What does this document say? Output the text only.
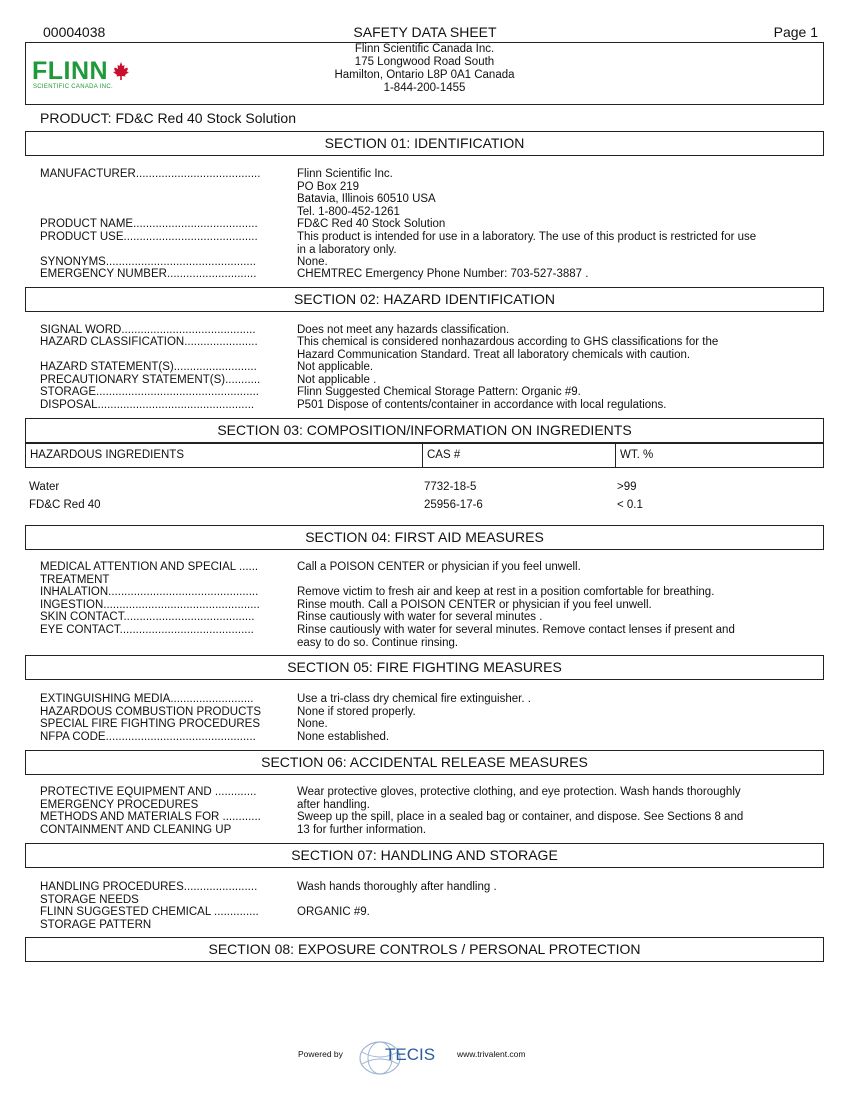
00004038	SAFETY DATA SHEET	Page 1
FLINN
SCIENTIFIC CANADA INC.
Flinn Scientific Canada Inc.
175 Longwood Road South
Hamilton, Ontario L8P 0A1 Canada
1-844-200-1455
PRODUCT: FD&C Red 40 Stock Solution
SECTION 01: IDENTIFICATION
MANUFACTURER.......................................	Flinn Scientific Inc.
PO Box 219
Batavia, Illinois 60510 USA
Tel. 1-800-452-1261
PRODUCT NAME.......................................	FD&C Red 40 Stock Solution
PRODUCT USE..........................................	This product is intended for use in a laboratory. The use of this product is restricted for use
in a laboratory only.
SYNONYMS...............................................	None.
EMERGENCY NUMBER............................	CHEMTREC Emergency Phone Number: 703-527-3887 .
SECTION 02: HAZARD IDENTIFICATION
SIGNAL WORD..........................................	Does not meet any hazards classification.
HAZARD CLASSIFICATION.......................	This chemical is considered nonhazardous according to GHS classifications for the
Hazard Communication Standard. Treat all laboratory chemicals with caution.
HAZARD STATEMENT(S)..........................	Not applicable.
PRECAUTIONARY STATEMENT(S)...........	Not applicable .
STORAGE...................................................	Flinn Suggested Chemical Storage Pattern: Organic #9.
DISPOSAL.................................................	P501 Dispose of contents/container in accordance with local regulations.
SECTION 03: COMPOSITION/INFORMATION ON INGREDIENTS
HAZARDOUS INGREDIENTS	CAS #	WT. %
Water	7732-18-5	>99
FD&C Red 40	25956-17-6	< 0.1
SECTION 04: FIRST AID MEASURES
MEDICAL ATTENTION AND SPECIAL ......
TREATMENT
Call a POISON CENTER or physician if you feel unwell.
INHALATION...............................................	Remove victim to fresh air and keep at rest in a position comfortable for breathing.
INGESTION.................................................	Rinse mouth. Call a POISON CENTER or physician if you feel unwell.
SKIN CONTACT.........................................	Rinse cautiously with water for several minutes .
EYE CONTACT..........................................	Rinse cautiously with water for several minutes. Remove contact lenses if present and
easy to do so. Continue rinsing.
SECTION 05: FIRE FIGHTING MEASURES
EXTINGUISHING MEDIA..........................	Use a tri-class dry chemical fire extinguisher. .
HAZARDOUS COMBUSTION PRODUCTS	None if stored properly.
SPECIAL FIRE FIGHTING PROCEDURES	None.
NFPA CODE...............................................	None established.
SECTION 06: ACCIDENTAL RELEASE MEASURES
PROTECTIVE EQUIPMENT AND .............
EMERGENCY PROCEDURES
Wear protective gloves, protective clothing, and eye protection. Wash hands thoroughly
after handling.
METHODS AND MATERIALS FOR ............
CONTAINMENT AND CLEANING UP
Sweep up the spill, place in a sealed bag or container, and dispose. See Sections 8 and
13 for further information.
SECTION 07: HANDLING AND STORAGE
HANDLING PROCEDURES.......................
STORAGE NEEDS
Wash hands thoroughly after handling .
FLINN SUGGESTED CHEMICAL ..............
STORAGE PATTERN
ORGANIC #9.
SECTION 08: EXPOSURE CONTROLS / PERSONAL PROTECTION
Powered by TECIS	www.trivalent.com
